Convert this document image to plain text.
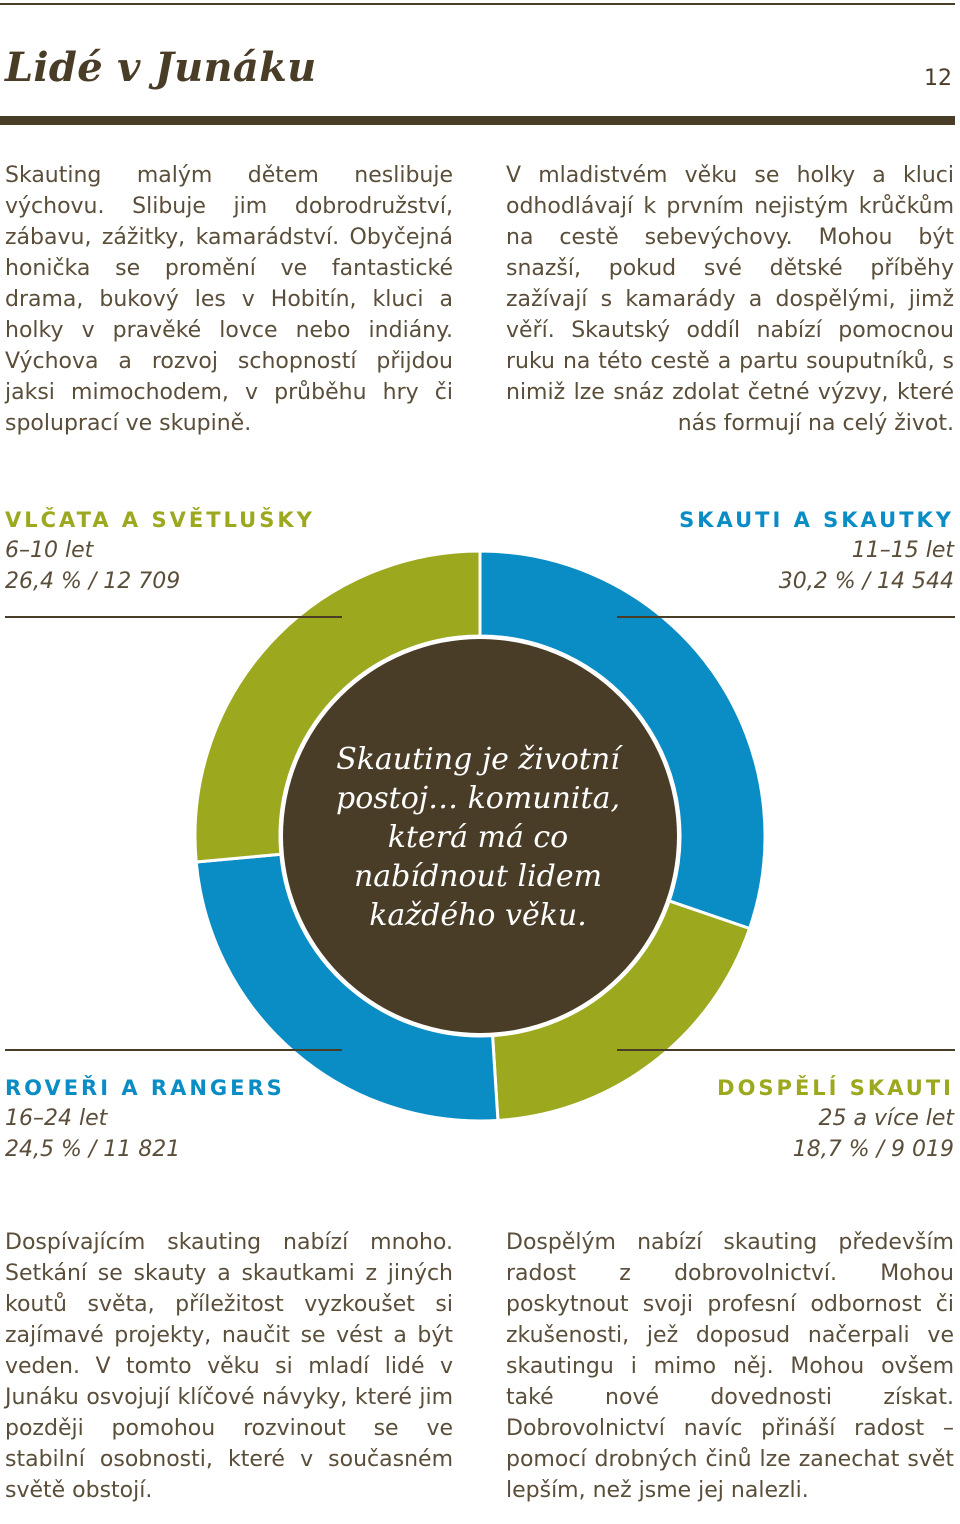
Lidé v Junáku	12

Skauting malým dětem neslibuje výchovu. Slibuje jim dobrodružství, zábavu, zážitky, kamarádství. Obyčejná honička se promění ve fantastické drama, bukový les v Hobitín, kluci a holky v pravěké lovce nebo indiány. Výchova a rozvoj schopností přijdou jaksi mimochodem, v průběhu hry či spoluprací ve skupině.

V mladistvém věku se holky a kluci odhodlávají k prvním nejistým krůčkům na cestě sebevýchovy. Mohou být snazší, pokud své dětské příběhy zažívají s kamarády a dospělými, jimž věří. Skautský oddíl nabízí pomocnou ruku na této cestě a partu souputníků, s nimiž lze snáz zdolat četné výzvy, které nás formují na celý život.

Skauting je životní postoj… komunita, která má co nabídnout lidem každého věku.
VLČATA A SVĚTLUŠKY
6–10 let
26,4 % / 12 709
SKAUTI A SKAUTKY
11–15 let
30,2 % / 14 544
ROVEŘI A RANGERS
16–24 let
24,5 % / 11 821
DOSPĚLÍ SKAUTI
25 a více let
18,7 % / 9 019

Dospívajícím skauting nabízí mnoho. Setkání se skauty a skautkami z jiných koutů světa, příležitost vyzkoušet si zajímavé projekty, naučit se vést a být veden. V tomto věku si mladí lidé v Junáku osvojují klíčové návyky, které jim později pomohou rozvinout se ve stabilní osobnosti, které v současném světě obstojí.

Dospělým nabízí skauting především radost z dobrovolnictví. Mohou poskytnout svoji profesní odbornost či zkušenosti, jež doposud načerpali ve skautingu i mimo něj. Mohou ovšem také nové dovednosti získat. Dobrovolnictví navíc přináší radost – pomocí drobných činů lze zanechat svět lepším, než jsme jej nalezli.
